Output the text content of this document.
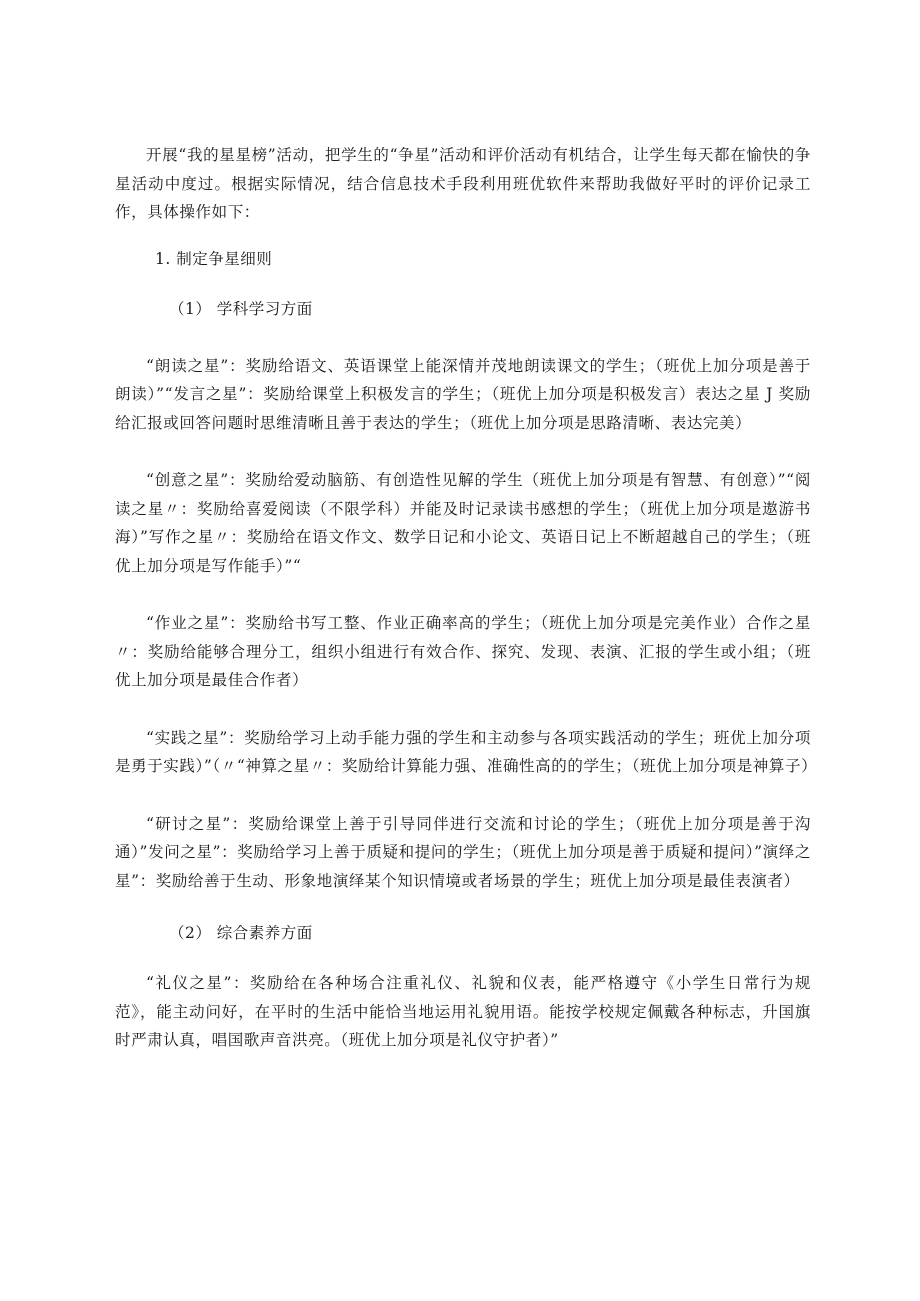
开展“我的星星榜”活动，把学生的“争星”活动和评价活动有机结合，让学生每天都在愉快的争星活动中度过。根据实际情况，结合信息技术手段利用班优软件来帮助我做好平时的评价记录工作，具体操作如下：

1. 制定争星细则

（1） 学科学习方面

“朗读之星”：奖励给语文、英语课堂上能深情并茂地朗读课文的学生；（班优上加分项是善于朗读）”“发言之星”：奖励给课堂上积极发言的学生；（班优上加分项是积极发言）表达之星 J 奖励给汇报或回答问题时思维清晰且善于表达的学生；（班优上加分项是思路清晰、表达完美）

“创意之星”：奖励给爱动脑筋、有创造性见解的学生（班优上加分项是有智慧、有创意）”“阅读之星〃：奖励给喜爱阅读（不限学科）并能及时记录读书感想的学生；（班优上加分项是遨游书海）”写作之星〃：奖励给在语文作文、数学日记和小论文、英语日记上不断超越自己的学生；（班优上加分项是写作能手）”“

“作业之星”：奖励给书写工整、作业正确率高的学生；（班优上加分项是完美作业）合作之星〃：奖励给能够合理分工，组织小组进行有效合作、探究、发现、表演、汇报的学生或小组；（班优上加分项是最佳合作者）

“实践之星”：奖励给学习上动手能力强的学生和主动参与各项实践活动的学生；班优上加分项是勇于实践）”（〃“神算之星〃：奖励给计算能力强、准确性高的的学生；（班优上加分项是神算子）

“研讨之星”：奖励给课堂上善于引导同伴进行交流和讨论的学生；（班优上加分项是善于沟通）”发问之星”：奖励给学习上善于质疑和提问的学生；（班优上加分项是善于质疑和提问）”演绎之星”：奖励给善于生动、形象地演绎某个知识情境或者场景的学生；班优上加分项是最佳表演者）

（2） 综合素养方面

“礼仪之星”：奖励给在各种场合注重礼仪、礼貌和仪表，能严格遵守《小学生日常行为规范》，能主动问好，在平时的生活中能恰当地运用礼貌用语。能按学校规定佩戴各种标志，升国旗时严肃认真，唱国歌声音洪亮。（班优上加分项是礼仪守护者）”
